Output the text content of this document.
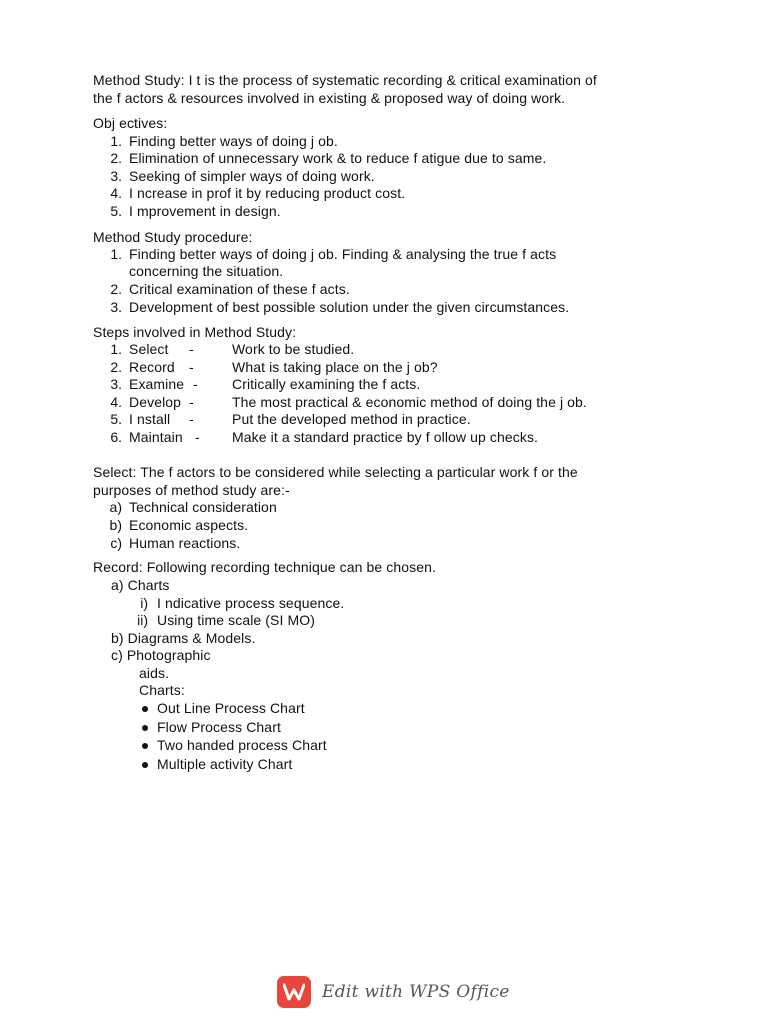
Method Study: I t is the process of systematic recording & critical examination of
the f actors & resources involved in existing & proposed way of doing work.
Obj ectives:
1. Finding better ways of doing j ob.
2. Elimination of unnecessary work & to reduce f atigue due to same.
3. Seeking of simpler ways of doing work.
4. I ncrease in prof it by reducing product cost.
5. I mprovement in design.
Method Study procedure:
1. Finding better ways of doing j ob. Finding & analysing the true f acts
concerning the situation.
2. Critical examination of these f acts.
3. Development of best possible solution under the given circumstances.
Steps involved in Method Study:
1. Select -	Work to be studied.
2. Record -	What is taking place on the j ob?
3. Examine - Critically examining the f acts.
4. Develop -	The most practical & economic method of doing the j ob.
5. I nstall -	Put the developed method in practice.
6. Maintain - Make it a standard practice by f ollow up checks.
Select: The f actors to be considered while selecting a particular work f or the
purposes of method study are:-
a) Technical consideration
b) Economic aspects.
c) Human reactions.
Record: Following recording technique can be chosen.
a) Charts
i) I ndicative process sequence.
ii) Using time scale (SI MO)
b) Diagrams & Models.
c) Photographic
aids.
Charts:
Out Line Process Chart
Flow Process Chart
Two handed process Chart
Multiple activity Chart
Edit with WPS Office
